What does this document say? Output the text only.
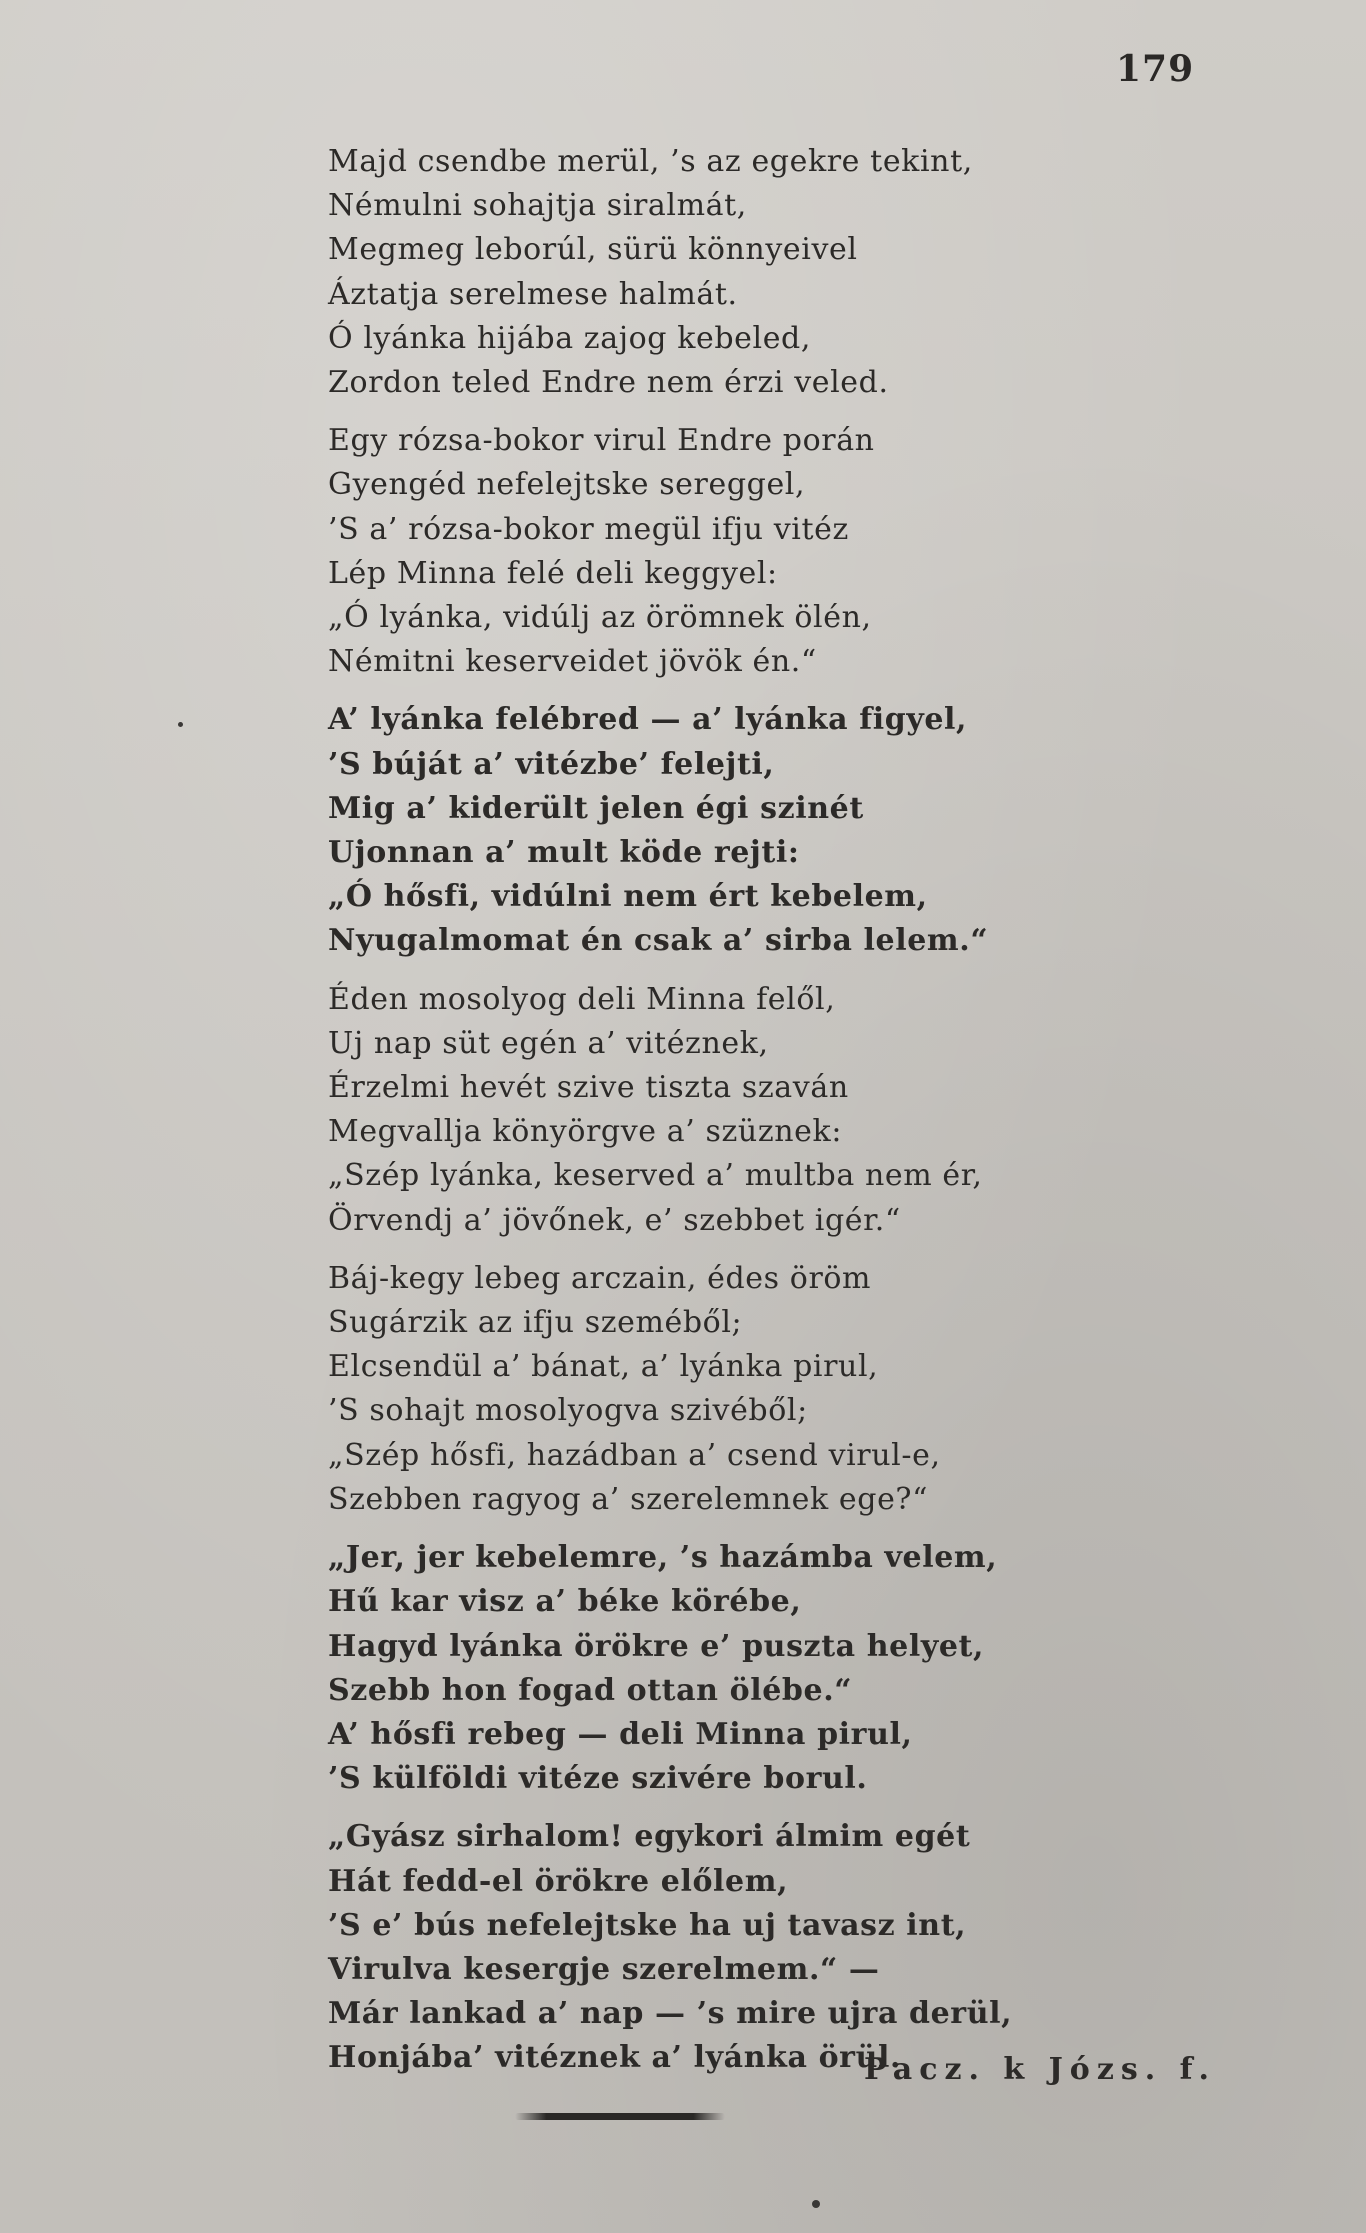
179
Majd csendbe merül, ’s az egekre tekint,
Némulni sohajtja siralmát,
Megmeg leborúl, sürü könnyeivel
Áztatja serelmese halmát.
Ó lyánka hijába zajog kebeled,
Zordon teled Endre nem érzi veled.
Egy rózsa-bokor virul Endre porán
Gyengéd nefelejtske sereggel,
’S a’ rózsa-bokor megül ifju vitéz
Lép Minna felé deli keggyel:
„Ó lyánka, vidúlj az örömnek ölén,
Némitni keserveidet jövök én.“
A’ lyánka felébred — a’ lyánka figyel,
’S búját a’ vitézbe’ felejti,
Mig a’ kiderült jelen égi szinét
Ujonnan a’ mult köde rejti:
„Ó hősfi, vidúlni nem ért kebelem,
Nyugalmomat én csak a’ sirba lelem.“
Éden mosolyog deli Minna felől,
Uj nap süt egén a’ vitéznek,
Érzelmi hevét szive tiszta szaván
Megvallja könyörgve a’ szüznek:
„Szép lyánka, keserved a’ multba nem ér,
Örvendj a’ jövőnek, e’ szebbet igér.“
Báj-kegy lebeg arczain, édes öröm
Sugárzik az ifju szeméből;
Elcsendül a’ bánat, a’ lyánka pirul,
’S sohajt mosolyogva szivéből;
„Szép hősfi, hazádban a’ csend virul-e,
Szebben ragyog a’ szerelemnek ege?“
„Jer, jer kebelemre, ’s hazámba velem,
Hű kar visz a’ béke körébe,
Hagyd lyánka örökre e’ puszta helyet,
Szebb hon fogad ottan ölébe.“
A’ hősfi rebeg — deli Minna pirul,
’S külföldi vitéze szivére borul.
„Gyász sirhalom! egykori álmim egét
Hát fedd-el örökre előlem,
’S e’ bús nefelejtske ha uj tavasz int,
Virulva kesergje szerelmem.“ —
Már lankad a’ nap — ’s mire ujra derül,
Honjába’ vitéznek a’ lyánka örül.
Pacz. k Józs. f.
